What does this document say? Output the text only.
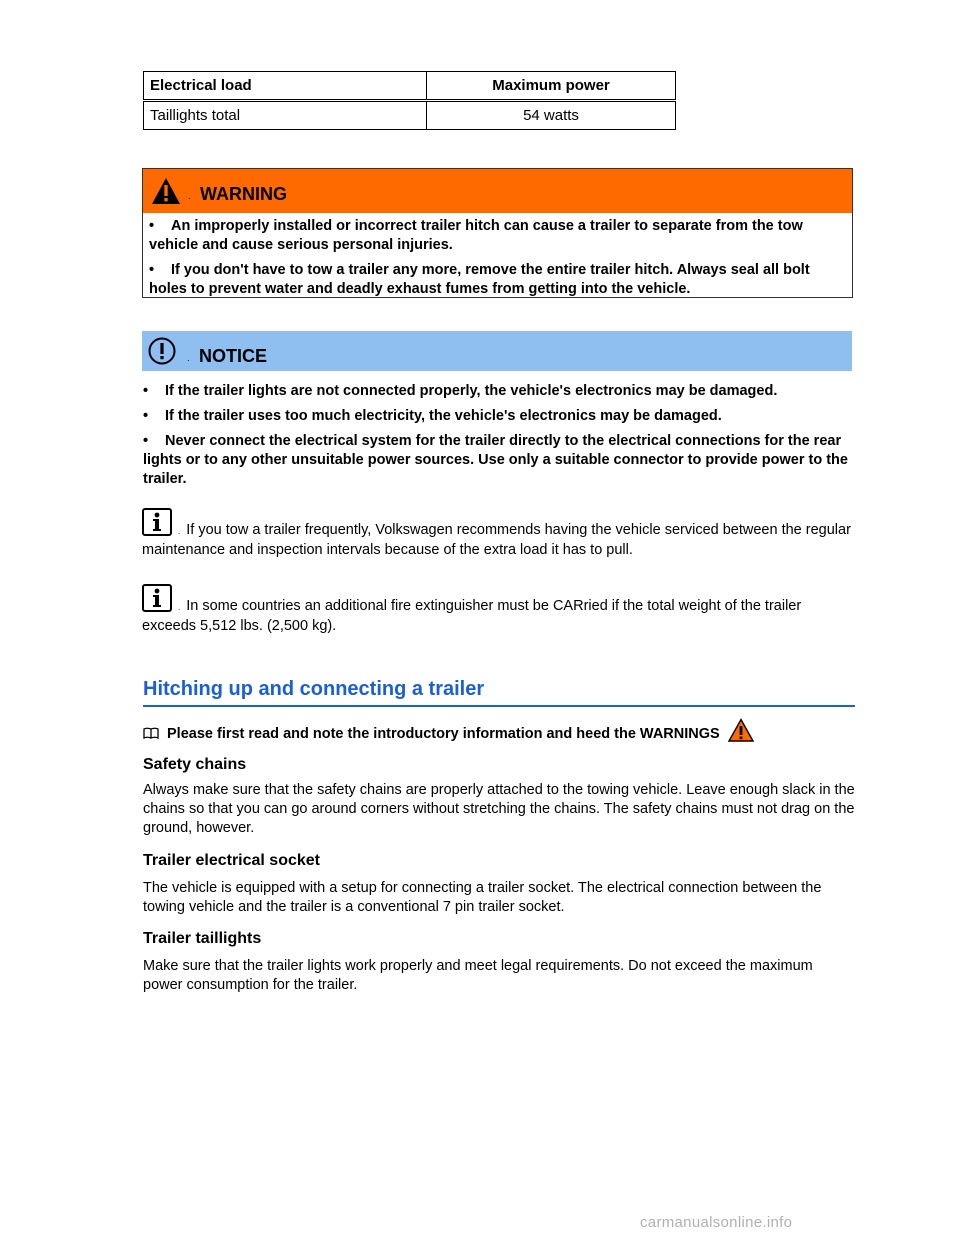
Electrical load	Maximum power
Taillights total	54 watts
. WARNING

• An improperly installed or incorrect trailer hitch can cause a trailer to separate from the tow vehicle and cause serious personal injuries.

• If you don't have to tow a trailer any more, remove the entire trailer hitch. Always seal all bolt holes to prevent water and deadly exhaust fumes from getting into the vehicle.

. NOTICE

• If the trailer lights are not connected properly, the vehicle's electronics may be damaged.

• If the trailer uses too much electricity, the vehicle's electronics may be damaged.

• Never connect the electrical system for the trailer directly to the electrical connections for the rear lights or to any other unsuitable power sources. Use only a suitable connector to provide power to the trailer.

. If you tow a trailer frequently, Volkswagen recommends having the vehicle serviced between the regular maintenance and inspection intervals because of the extra load it has to pull.
. In some countries an additional fire extinguisher must be CARried if the total weight of the trailer exceeds 5,512 lbs. (2,500 kg).
Hitching up and connecting a trailer
Please first read and note the introductory information and heed the WARNINGS
Safety chains
Always make sure that the safety chains are properly attached to the towing vehicle. Leave enough slack in the chains so that you can go around corners without stretching the chains. The safety chains must not drag on the ground, however.
Trailer electrical socket
The vehicle is equipped with a setup for connecting a trailer socket. The electrical connection between the towing vehicle and the trailer is a conventional 7 pin trailer socket.
Trailer taillights
Make sure that the trailer lights work properly and meet legal requirements. Do not exceed the maximum power consumption for the trailer.
carmanualsonline.info
